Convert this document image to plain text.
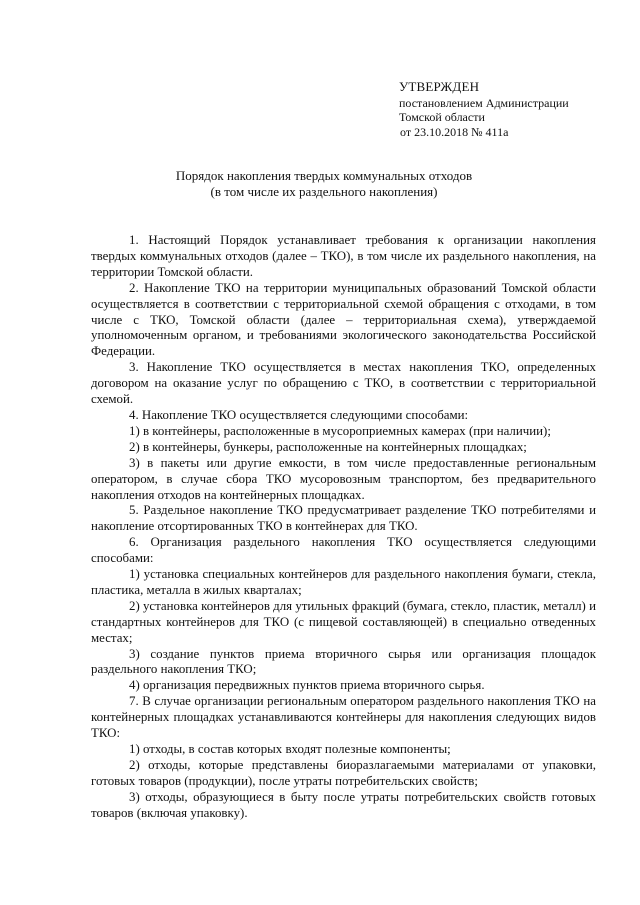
УТВЕРЖДЕН
постановлением Администрации
Томской области
от 23.10.2018 № 411а
Порядок накопления твердых коммунальных отходов
(в том числе их раздельного накопления)

1. Настоящий Порядок устанавливает требования к организации накопления твердых коммунальных отходов (далее – ТКО), в том числе их раздельного накопления, на территории Томской области.

2. Накопление ТКО на территории муниципальных образований Томской области осуществляется в соответствии с территориальной схемой обращения с отходами, в том числе с ТКО, Томской области (далее – территориальная схема), утверждаемой уполномоченным органом, и требованиями экологического законодательства Российской Федерации.

3. Накопление ТКО осуществляется в местах накопления ТКО, определенных договором на оказание услуг по обращению с ТКО, в соответствии с территориальной схемой.

4. Накопление ТКО осуществляется следующими способами:

1) в контейнеры, расположенные в мусороприемных камерах (при наличии);

2) в контейнеры, бункеры, расположенные на контейнерных площадках;

3) в пакеты или другие емкости, в том числе предоставленные региональным оператором, в случае сбора ТКО мусоровозным транспортом, без предварительного накопления отходов на контейнерных площадках.

5. Раздельное накопление ТКО предусматривает разделение ТКО потребителями и накопление отсортированных ТКО в контейнерах для ТКО.

6. Организация раздельного накопления ТКО осуществляется следующими способами:

1) установка специальных контейнеров для раздельного накопления бумаги, стекла, пластика, металла в жилых кварталах;

2) установка контейнеров для утильных фракций (бумага, стекло, пластик, металл) и стандартных контейнеров для ТКО (с пищевой составляющей) в специально отведенных местах;

3) создание пунктов приема вторичного сырья или организация площадок раздельного накопления ТКО;

4) организация передвижных пунктов приема вторичного сырья.

7. В случае организации региональным оператором раздельного накопления ТКО на контейнерных площадках устанавливаются контейнеры для накопления следующих видов ТКО:

1) отходы, в состав которых входят полезные компоненты;

2) отходы, которые представлены биоразлагаемыми материалами от упаковки, готовых товаров (продукции), после утраты потребительских свойств;

3) отходы, образующиеся в быту после утраты потребительских свойств готовых товаров (включая упаковку).
